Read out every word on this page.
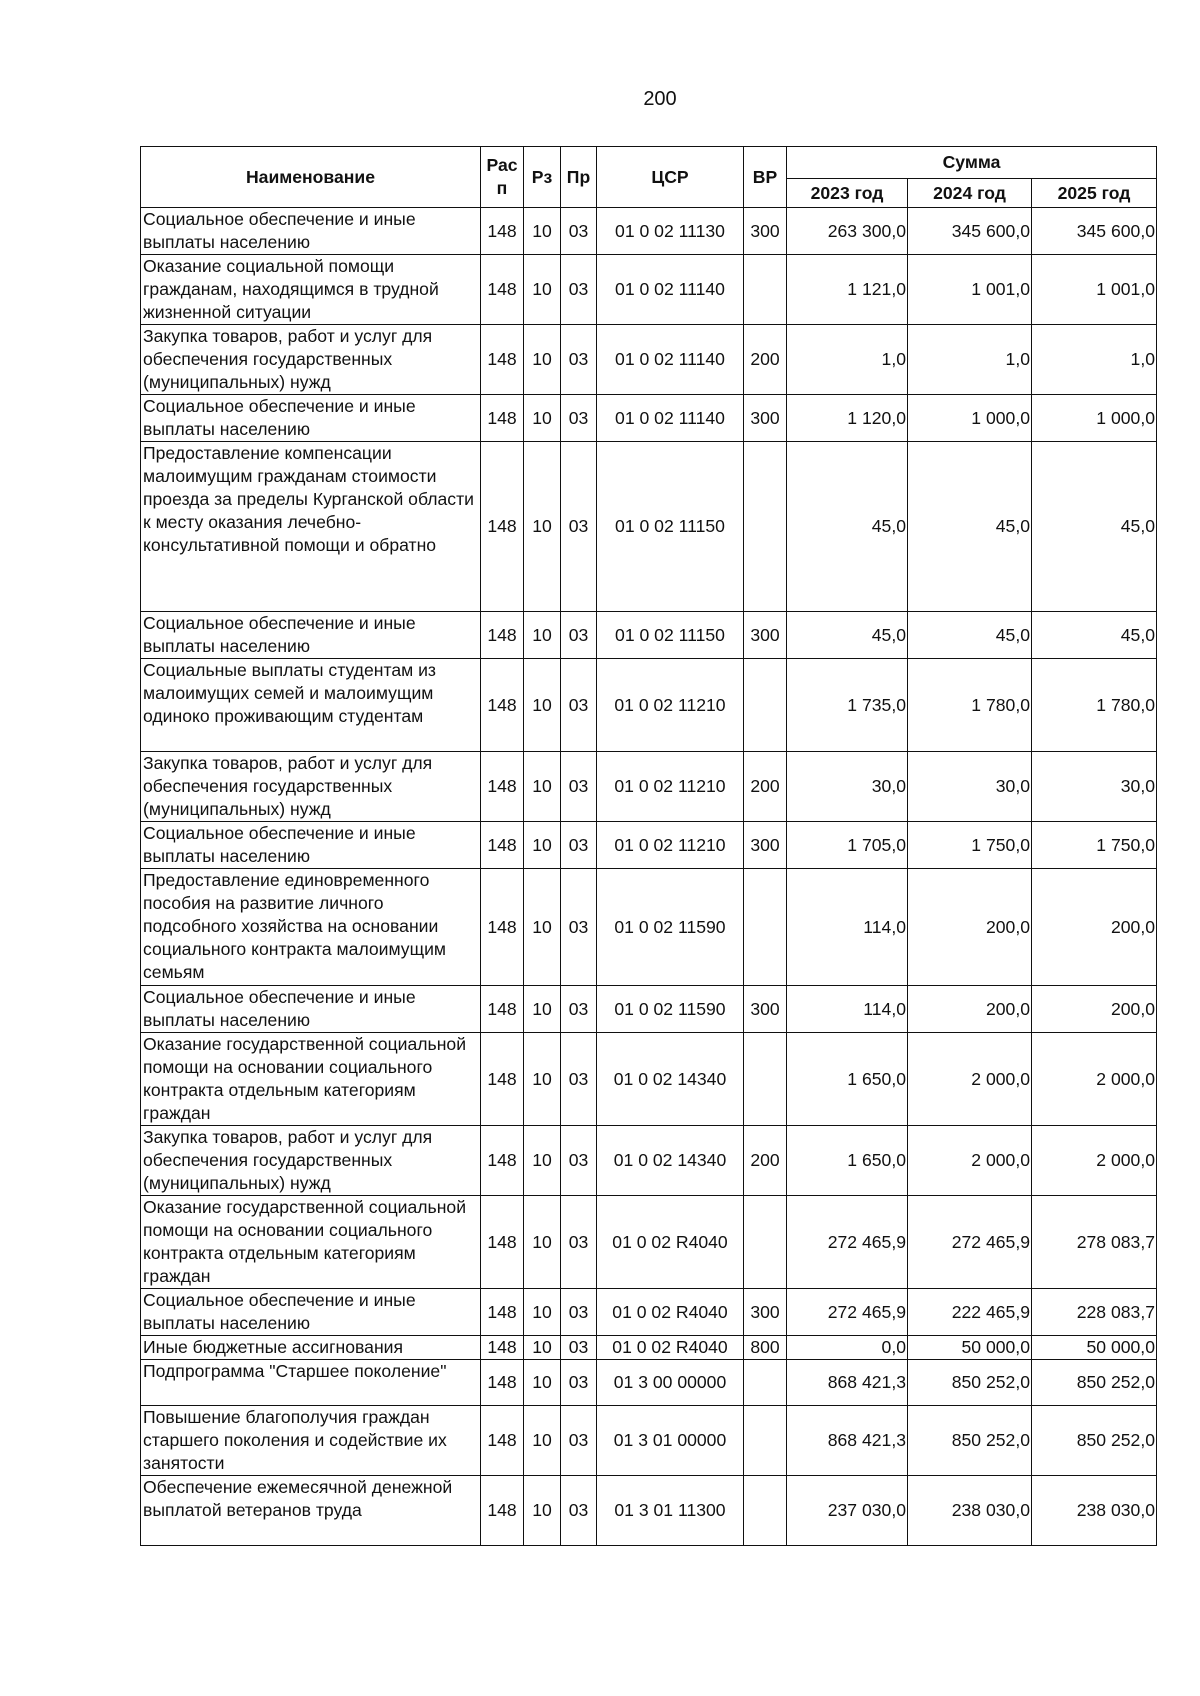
200
Наименование	Рас п	Рз	Пр	ЦСР	ВР	Сумма		
						2023 год	2024 год	2025 год
Социальное обеспечение и иные выплаты населению	148	10	03	01 0 02 11130	300	263 300,0	345 600,0	345 600,0
Оказание социальной помощи гражданам, находящимся в трудной жизненной ситуации	148	10	03	01 0 02 11140		1 121,0	1 001,0	1 001,0
Закупка товаров, работ и услуг для обеспечения государственных (муниципальных) нужд	148	10	03	01 0 02 11140	200	1,0	1,0	1,0
Социальное обеспечение и иные выплаты населению	148	10	03	01 0 02 11140	300	1 120,0	1 000,0	1 000,0
Предоставление компенсации малоимущим гражданам стоимости проезда за пределы Курганской области к месту оказания лечебно-консультативной помощи и обратно	148	10	03	01 0 02 11150		45,0	45,0	45,0
Социальное обеспечение и иные выплаты населению	148	10	03	01 0 02 11150	300	45,0	45,0	45,0
Социальные выплаты студентам из малоимущих семей и малоимущим одиноко проживающим студентам	148	10	03	01 0 02 11210		1 735,0	1 780,0	1 780,0
Закупка товаров, работ и услуг для обеспечения государственных (муниципальных) нужд	148	10	03	01 0 02 11210	200	30,0	30,0	30,0
Социальное обеспечение и иные выплаты населению	148	10	03	01 0 02 11210	300	1 705,0	1 750,0	1 750,0
Предоставление единовременного пособия на развитие личного подсобного хозяйства на основании социального контракта малоимущим семьям	148	10	03	01 0 02 11590		114,0	200,0	200,0
Социальное обеспечение и иные выплаты населению	148	10	03	01 0 02 11590	300	114,0	200,0	200,0
Оказание государственной социальной помощи на основании социального контракта отдельным категориям граждан	148	10	03	01 0 02 14340		1 650,0	2 000,0	2 000,0
Закупка товаров, работ и услуг для обеспечения государственных (муниципальных) нужд	148	10	03	01 0 02 14340	200	1 650,0	2 000,0	2 000,0
Оказание государственной социальной помощи на основании социального контракта отдельным категориям граждан	148	10	03	01 0 02 R4040		272 465,9	272 465,9	278 083,7
Социальное обеспечение и иные выплаты населению	148	10	03	01 0 02 R4040	300	272 465,9	222 465,9	228 083,7
Иные бюджетные ассигнования	148	10	03	01 0 02 R4040	800	0,0	50 000,0	50 000,0
Подпрограмма "Старшее поколение"	148	10	03	01 3 00 00000		868 421,3	850 252,0	850 252,0
Повышение благополучия граждан старшего поколения и содействие их занятости	148	10	03	01 3 01 00000		868 421,3	850 252,0	850 252,0
Обеспечение ежемесячной денежной выплатой ветеранов труда	148	10	03	01 3 01 11300		237 030,0	238 030,0	238 030,0
